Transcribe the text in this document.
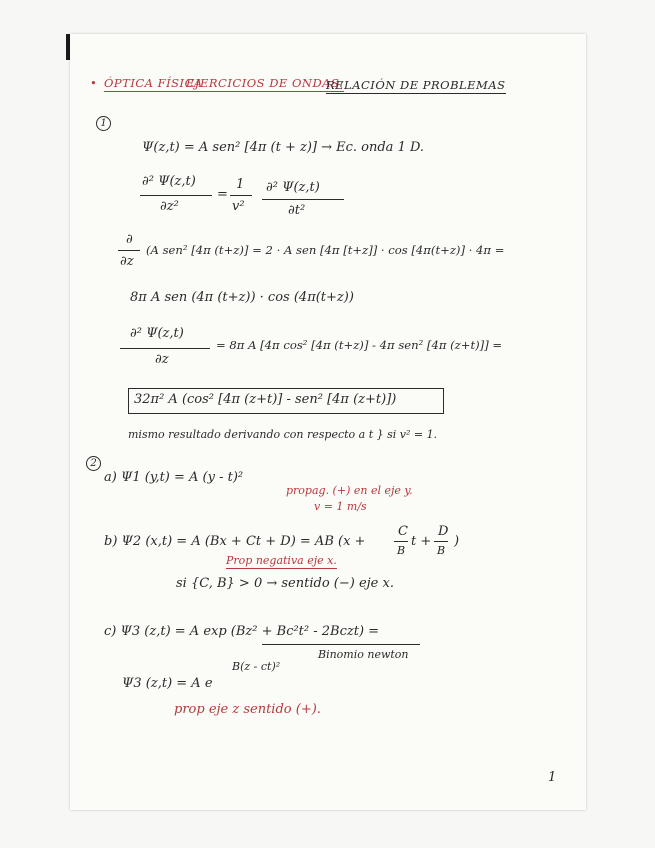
• ÓPTICA FÍSICA
EJERCICIOS DE ONDAS:
RELACIÓN DE PROBLEMAS
1
Ψ(z,t) = A sen² [4π (t + z)] → Ec. onda 1 D.
∂² Ψ(z,t)
∂z²
=
1
v²
∂² Ψ(z,t)
∂t²
∂
∂z
(A sen² [4π (t+z)] = 2 · A sen [4π [t+z]] · cos [4π(t+z)] · 4π =
8π A sen (4π (t+z)) · cos (4π(t+z))
∂² Ψ(z,t)
∂z
= 8π A [4π cos² [4π (t+z)] - 4π sen² [4π (z+t)]] =
32π² A (cos² [4π (z+t)] - sen² [4π (z+t)])
mismo resultado derivando con respecto a t } si v² = 1.
2
a) Ψ1 (y,t) = A (y - t)²
propag. (+) en el eje y.
v = 1 m/s
b) Ψ2 (x,t) = A (Bx + Ct + D) = AB (x +
C
B
t +
D
B
)
Prop negativa eje x.
si {C, B} > 0 → sentido (−) eje x.
c) Ψ3 (z,t) = A exp (Bz² + Bc²t² - 2Bczt) =
Binomio newton
Ψ3 (z,t) = A e
B(z - ct)²
prop eje z sentido (+).
1
